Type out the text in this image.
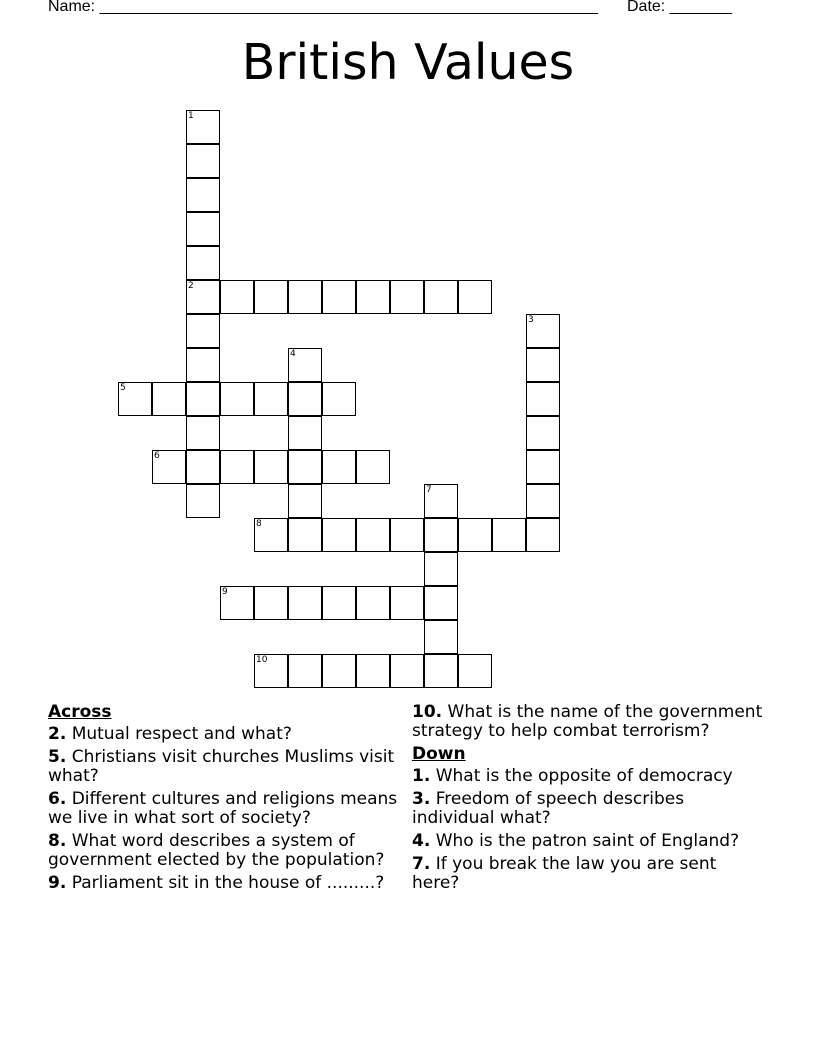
Name: ________________________________________________________ Date: _______
British Values
1
2
3
4
5
6
7
8
9
10
Across
2. Mutual respect and what?
5. Christians visit churches Muslims visit what?
6. Different cultures and religions means we live in what sort of society?
8. What word describes a system of government elected by the population?
9. Parliament sit in the house of .........?
10. What is the name of the government strategy to help combat terrorism?
Down
1. What is the opposite of democracy
3. Freedom of speech describes individual what?
4. Who is the patron saint of England?
7. If you break the law you are sent here?
